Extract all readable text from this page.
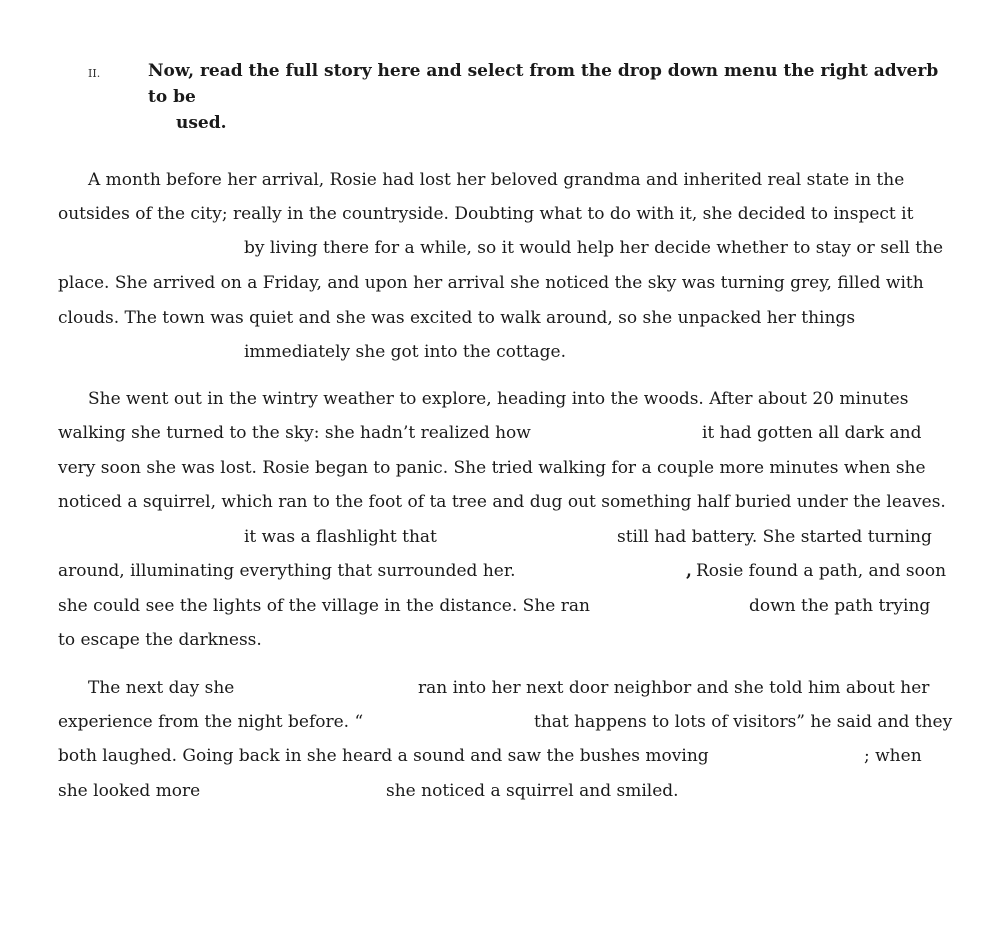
II.	Now, read the full story here and select from the drop down menu the right adverb to be
used.
A month before her arrival, Rosie had lost her beloved grandma and inherited real state in the
outsides of the city; really in the countryside. Doubting what to do with it, she decided to inspect it
by living there for a while, so it would help her decide whether to stay or sell the
place. She arrived on a Friday, and upon her arrival she noticed the sky was turning grey, filled with
clouds. The town was quiet and she was excited to walk around, so she unpacked her things
immediately she got into the cottage.
She went out in the wintry weather to explore, heading into the woods. After about 20 minutes
walking she turned to the sky: she hadn’t realized how	it had gotten all dark and
very soon she was lost. Rosie began to panic. She tried walking for a couple more minutes when she
noticed a squirrel, which ran to the foot of ta tree and dug out something half buried under the leaves.
it was a flashlight that	still had battery. She started turning
around, illuminating everything that surrounded her.	, Rosie found a path, and soon
she could see the lights of the village in the distance. She ran	down the path trying
to escape the darkness.
The next day she	ran into her next door neighbor and she told him about her
experience from the night before. “	that happens to lots of visitors” he said and they
both laughed. Going back in she heard a sound and saw the bushes moving	; when
she looked more	she noticed a squirrel and smiled.
